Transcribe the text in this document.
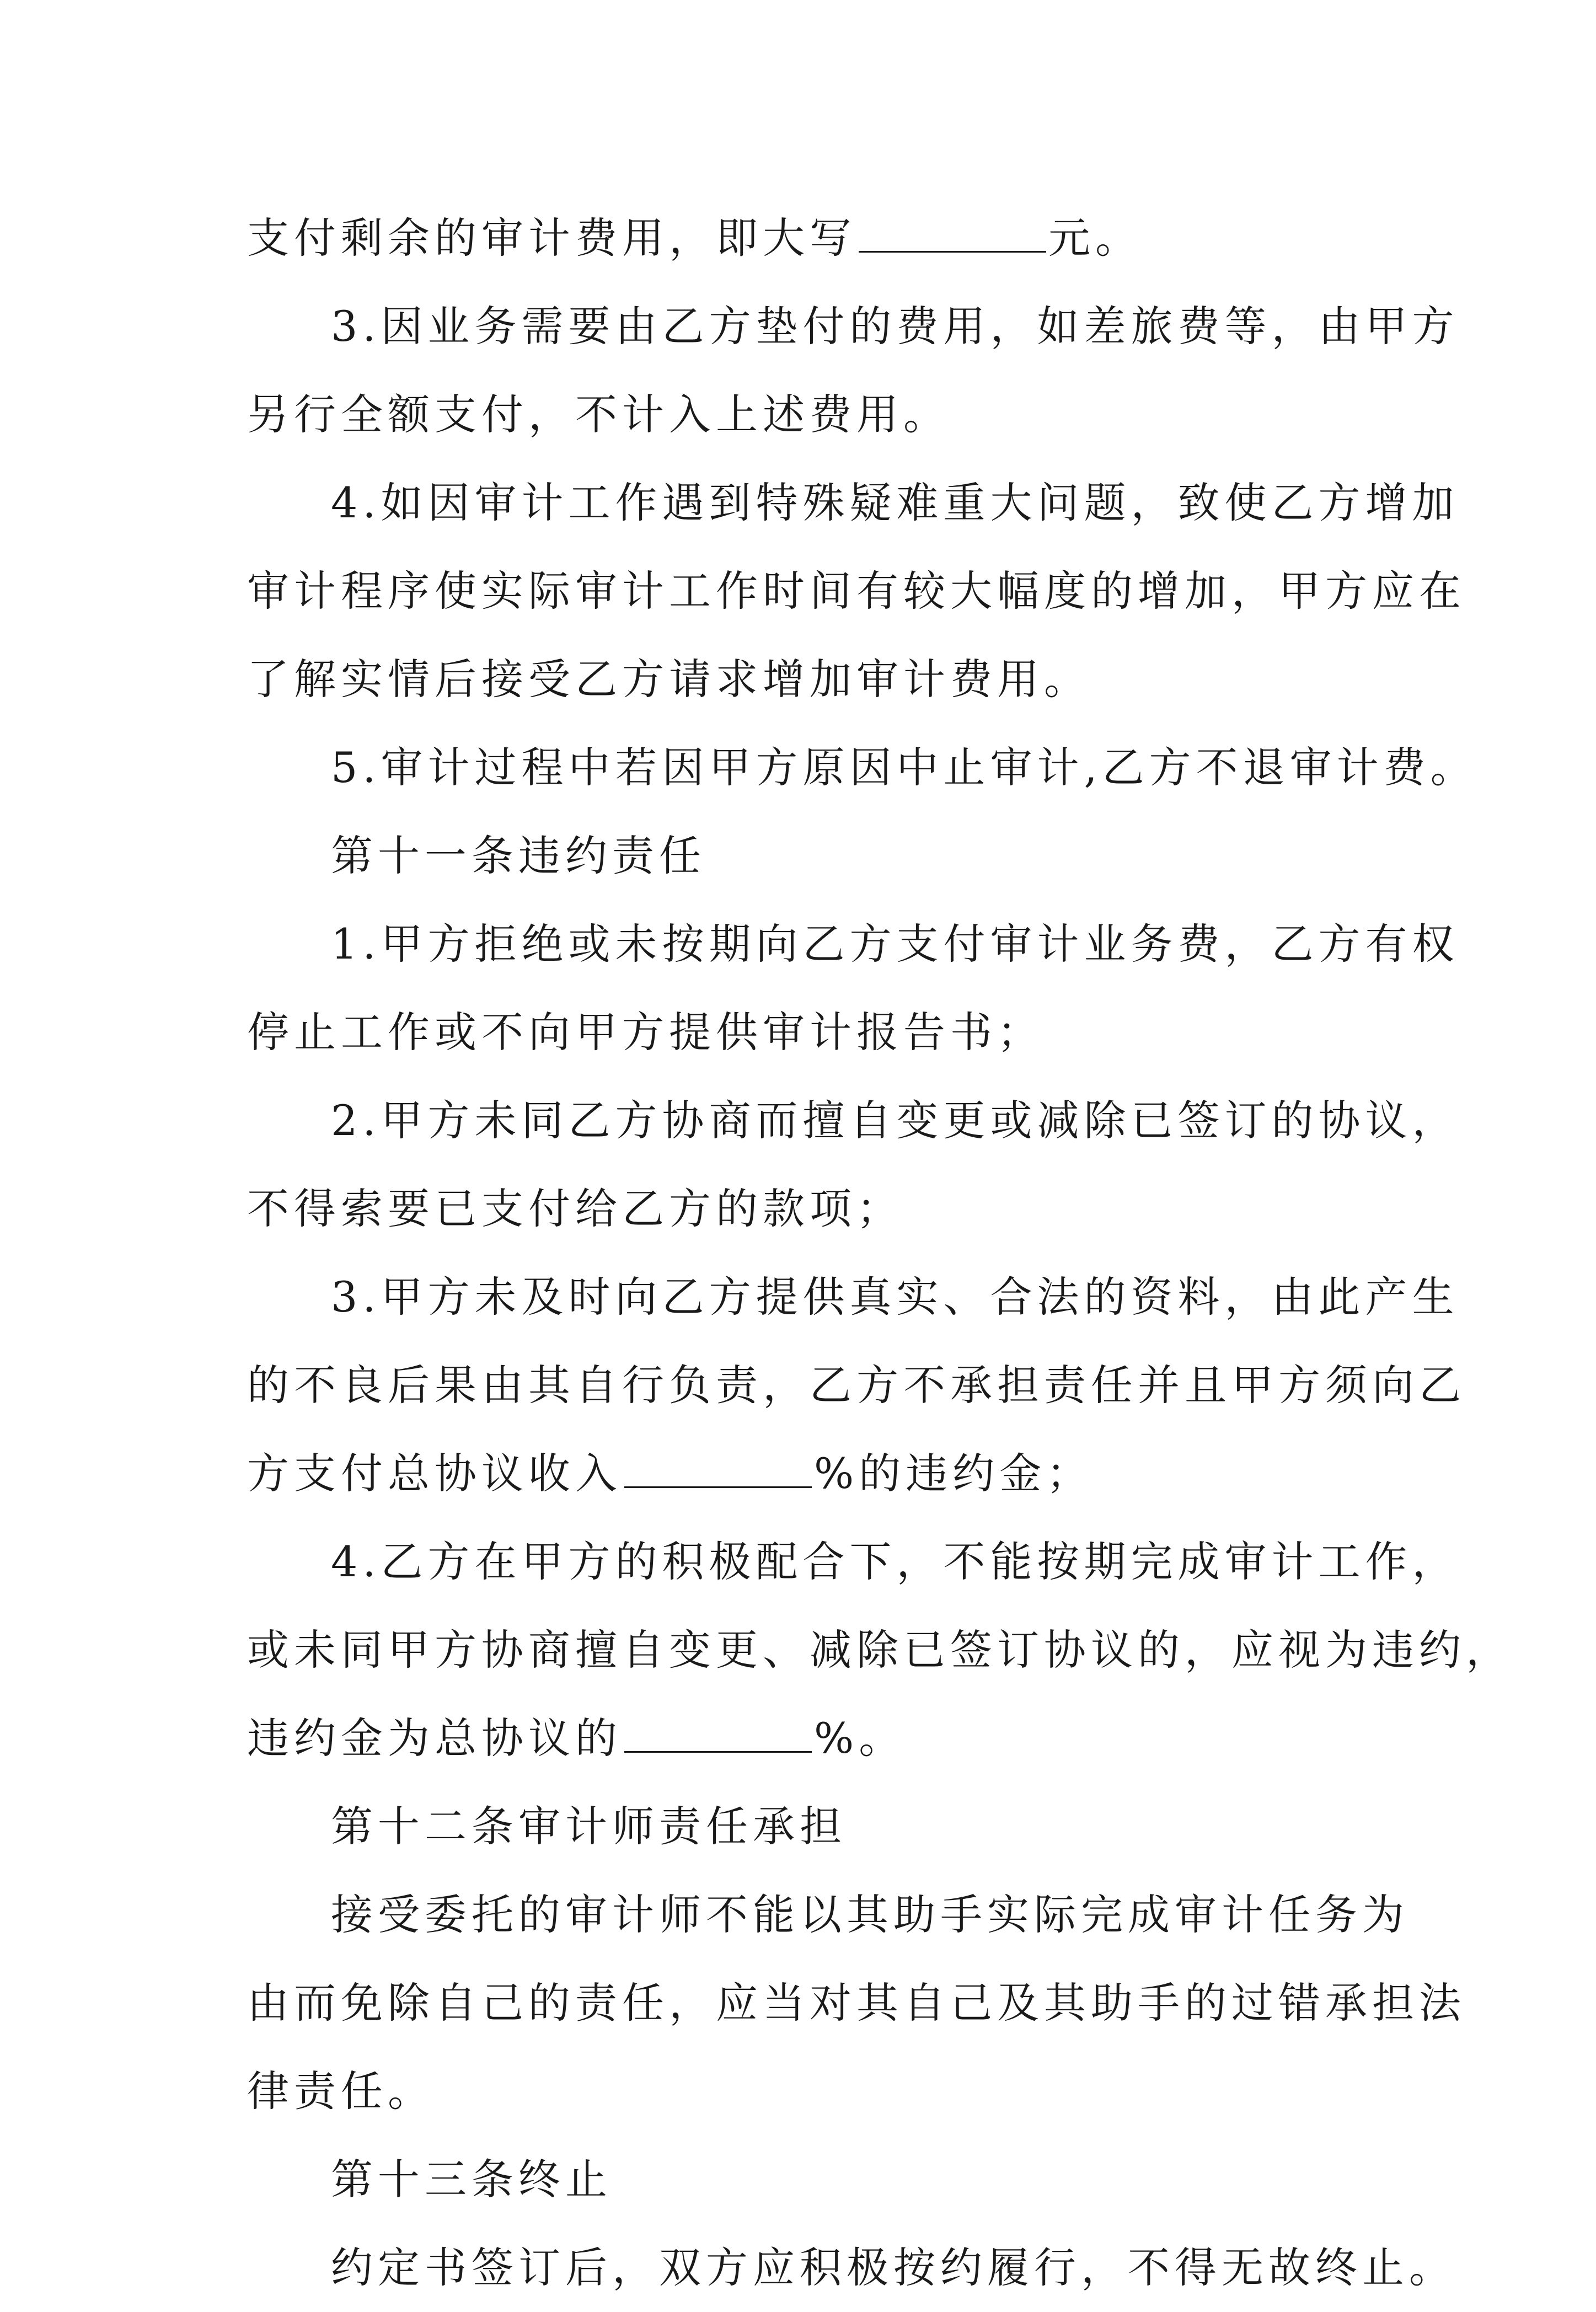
支付剩余的审计费用，即大写	元。
3.因业务需要由乙方垫付的费用，如差旅费等，由甲方
另行全额支付，不计入上述费用。
4.如因审计工作遇到特殊疑难重大问题，致使乙方增加
审计程序使实际审计工作时间有较大幅度的增加，甲方应在
了解实情后接受乙方请求增加审计费用。
5.审计过程中若因甲方原因中止审计,乙方不退审计费。
第十一条违约责任
1.甲方拒绝或未按期向乙方支付审计业务费，乙方有权
停止工作或不向甲方提供审计报告书；
2.甲方未同乙方协商而擅自变更或减除已签订的协议，
不得索要已支付给乙方的款项；
3.甲方未及时向乙方提供真实、合法的资料，由此产生
的不良后果由其自行负责，乙方不承担责任并且甲方须向乙
方支付总协议收入	%的违约金；
4.乙方在甲方的积极配合下，不能按期完成审计工作，
或未同甲方协商擅自变更、减除已签订协议的，应视为违约，
违约金为总协议的	%。
第十二条审计师责任承担
接受委托的审计师不能以其助手实际完成审计任务为
由而免除自己的责任，应当对其自己及其助手的过错承担法
律责任。
第十三条终止
约定书签订后，双方应积极按约履行，不得无故终止。
